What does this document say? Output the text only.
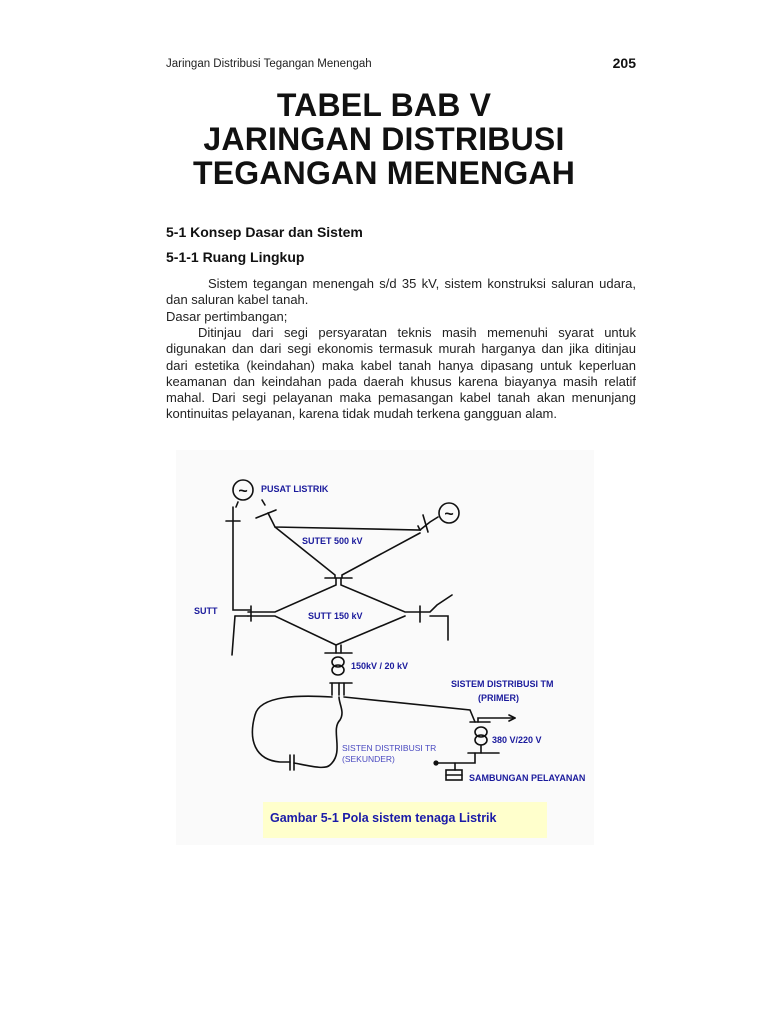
Jaringan Distribusi Tegangan Menengah	205
TABEL BAB V
JARINGAN DISTRIBUSI
TEGANGAN MENENGAH
5-1 Konsep Dasar dan Sistem
5-1-1 Ruang Lingkup
Sistem tegangan menengah s/d 35 kV, sistem konstruksi saluran udara, dan saluran kabel tanah.
Dasar pertimbangan;
Ditinjau dari segi persyaratan teknis masih memenuhi syarat untuk digunakan dan dari segi ekonomis termasuk murah harganya dan jika ditinjau dari estetika (keindahan) maka kabel tanah hanya dipasang untuk keperluan keamanan dan keindahan pada daerah khusus karena biayanya masih relatif mahal. Dari segi pelayanan maka pemasangan kabel tanah akan menunjang kontinuitas pelayanan, karena tidak mudah terkena gangguan alam.
~
~
PUSAT LISTRIK
SUTET 500 kV
SUTT	SUTT 150 kV
150kV / 20 kV
SISTEM DISTRIBUSI TM
(PRIMER)
380 V/220 V
SISTEN DISTRIBUSI TR
(SEKUNDER)
SAMBUNGAN PELAYANAN
Gambar 5-1 Pola sistem tenaga Listrik
